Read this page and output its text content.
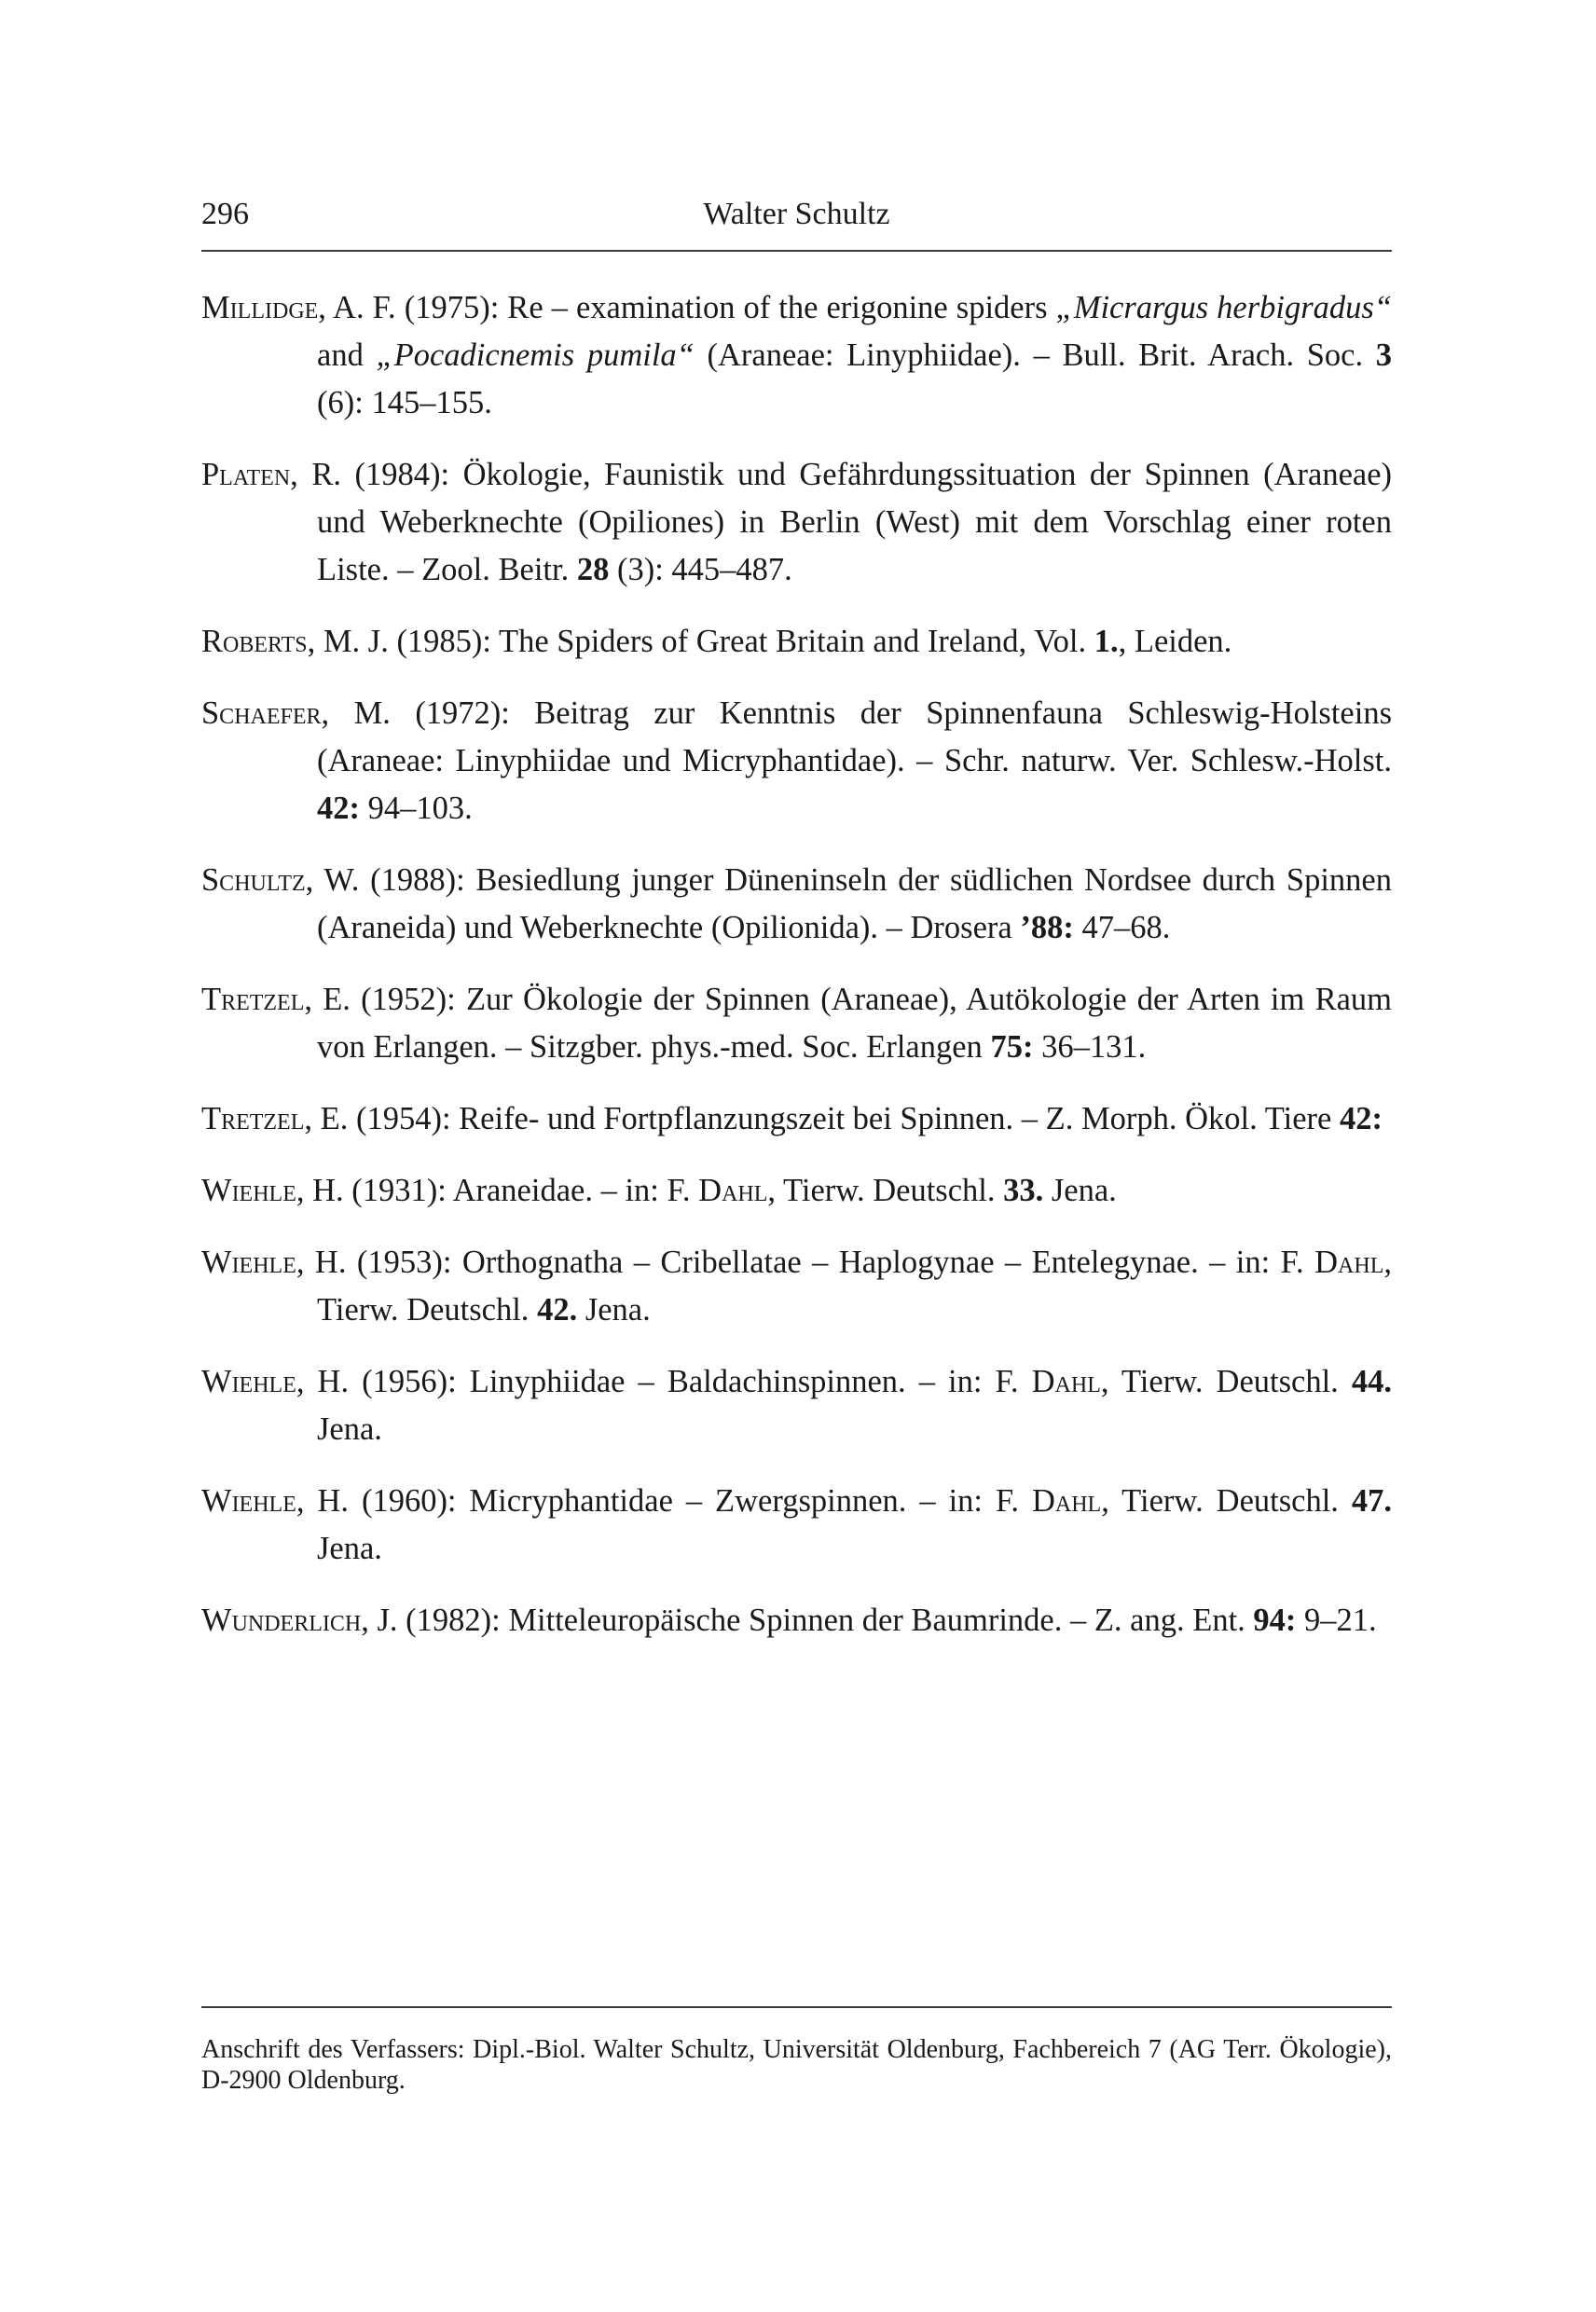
296	Walter Schultz

Millidge, A. F. (1975): Re – examination of the erigonine spiders „Micrargus herbigradus“ and „Pocadicnemis pumila“ (Araneae: Linyphiidae). – Bull. Brit. Arach. Soc. 3 (6): 145–155.

Platen, R. (1984): Ökologie, Faunistik und Gefährdungssituation der Spinnen (Araneae) und Weberknechte (Opiliones) in Berlin (West) mit dem Vorschlag einer roten Liste. – Zool. Beitr. 28 (3): 445–487.

Roberts, M. J. (1985): The Spiders of Great Britain and Ireland, Vol. 1., Leiden.

Schaefer, M. (1972): Beitrag zur Kenntnis der Spinnenfauna Schleswig-Holsteins (Araneae: Linyphiidae und Micryphantidae). – Schr. naturw. Ver. Schlesw.-Holst. 42: 94–103.

Schultz, W. (1988): Besiedlung junger Düneninseln der südlichen Nordsee durch Spinnen (Araneida) und Weberknechte (Opilionida). – Drosera ’88: 47–68.

Tretzel, E. (1952): Zur Ökologie der Spinnen (Araneae), Autökologie der Arten im Raum von Erlangen. – Sitzgber. phys.-med. Soc. Erlangen 75: 36–131.

Tretzel, E. (1954): Reife- und Fortpflanzungszeit bei Spinnen. – Z. Morph. Ökol. Tiere 42:

Wiehle, H. (1931): Araneidae. – in: F. Dahl, Tierw. Deutschl. 33. Jena.

Wiehle, H. (1953): Orthognatha – Cribellatae – Haplogynae – Entelegynae. – in: F. Dahl, Tierw. Deutschl. 42. Jena.

Wiehle, H. (1956): Linyphiidae – Baldachinspinnen. – in: F. Dahl, Tierw. Deutschl. 44. Jena.

Wiehle, H. (1960): Micryphantidae – Zwergspinnen. – in: F. Dahl, Tierw. Deutschl. 47. Jena.

Wunderlich, J. (1982): Mitteleuropäische Spinnen der Baumrinde. – Z. ang. Ent. 94: 9–21.

Anschrift des Verfassers: Dipl.-Biol. Walter Schultz, Universität Oldenburg, Fachbereich 7 (AG Terr. Ökologie), D-2900 Oldenburg.
